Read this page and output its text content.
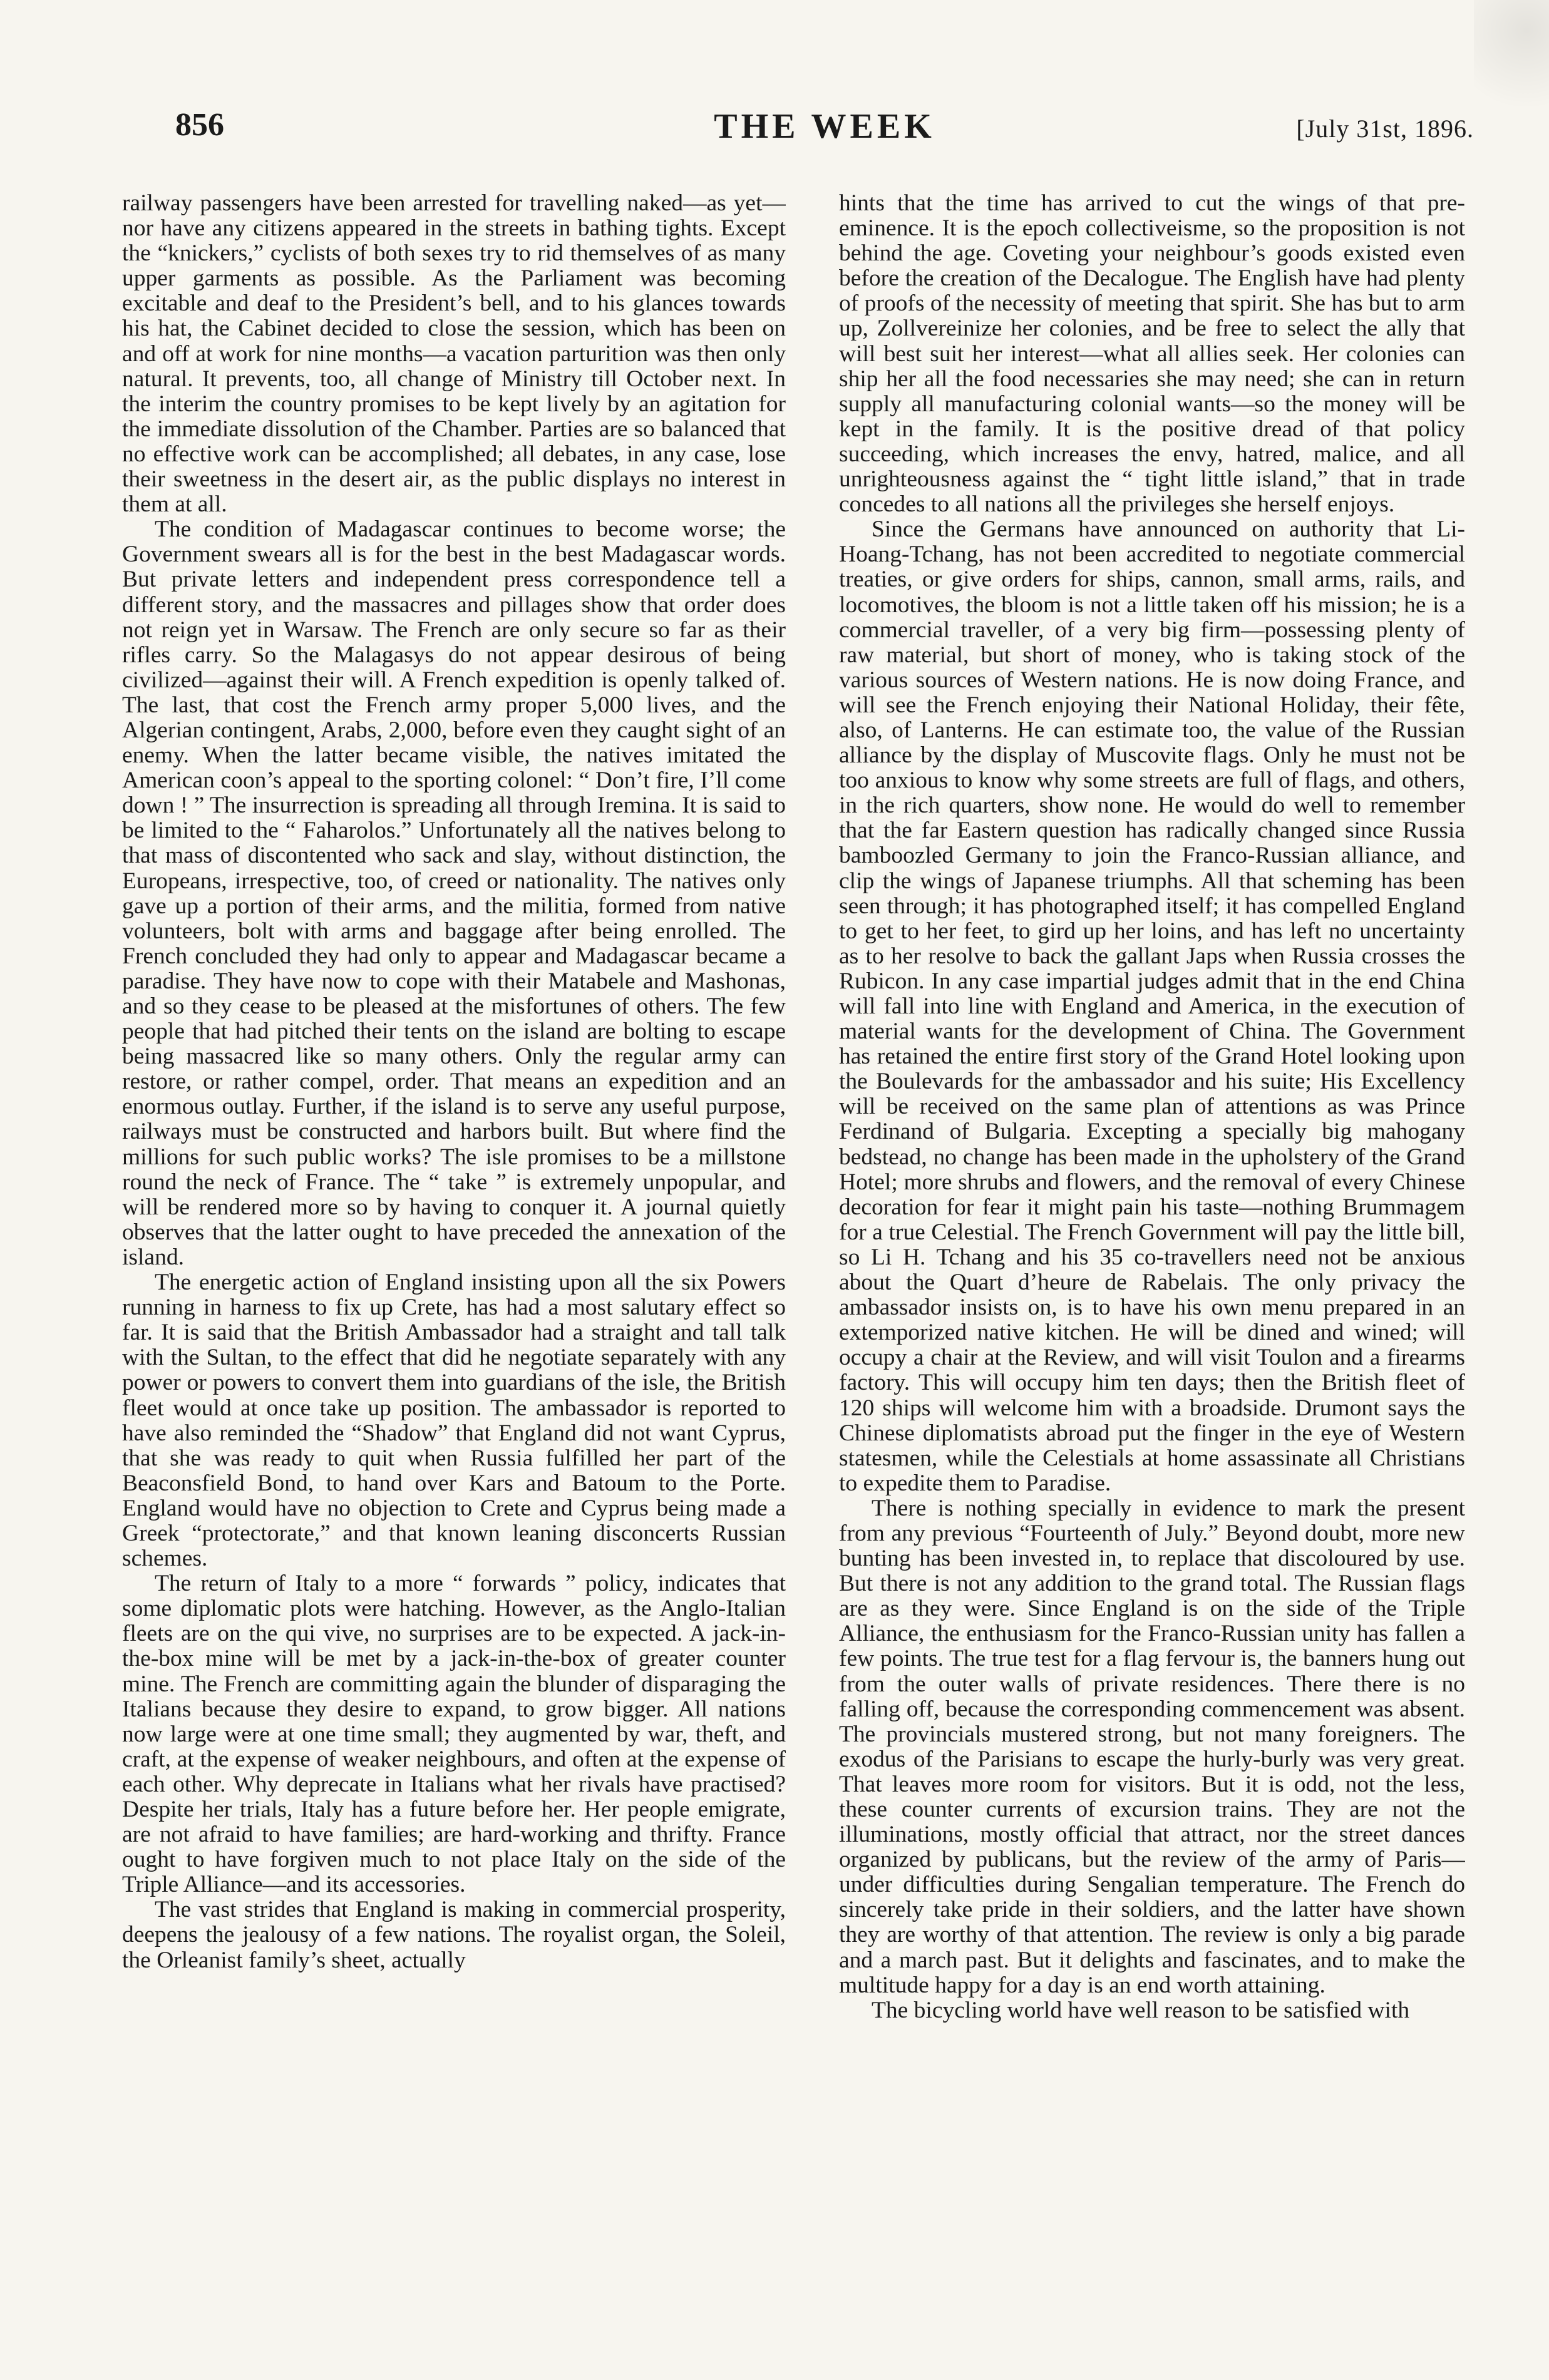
856	THE WEEK	[July 31st, 1896.

railway passengers have been arrested for travelling naked—as yet—nor have any citizens appeared in the streets in bathing tights. Except the “knickers,” cyclists of both sexes try to rid themselves of as many upper garments as possible. As the Parliament was becoming excitable and deaf to the President’s bell, and to his glances towards his hat, the Cabinet decided to close the session, which has been on and off at work for nine months—a vacation parturition was then only natural. It prevents, too, all change of Ministry till October next. In the interim the country promises to be kept lively by an agitation for the immediate dissolution of the Chamber. Parties are so balanced that no effective work can be accomplished; all debates, in any case, lose their sweetness in the desert air, as the public displays no interest in them at all.

The condition of Madagascar continues to become worse; the Government swears all is for the best in the best Madagascar words. But private letters and independent press correspondence tell a different story, and the massacres and pillages show that order does not reign yet in Warsaw. The French are only secure so far as their rifles carry. So the Malagasys do not appear desirous of being civilized—against their will. A French expedition is openly talked of. The last, that cost the French army proper 5,000 lives, and the Algerian contingent, Arabs, 2,000, before even they caught sight of an enemy. When the latter became visible, the natives imitated the American coon’s appeal to the sporting colonel: “ Don’t fire, I’ll come down ! ” The insurrection is spreading all through Iremina. It is said to be limited to the “ Faharolos.” Unfortunately all the natives belong to that mass of discontented who sack and slay, without distinction, the Europeans, irrespective, too, of creed or nationality. The natives only gave up a portion of their arms, and the militia, formed from native volunteers, bolt with arms and baggage after being enrolled. The French concluded they had only to appear and Madagascar became a paradise. They have now to cope with their Matabele and Mashonas, and so they cease to be pleased at the misfortunes of others. The few people that had pitched their tents on the island are bolting to escape being massacred like so many others. Only the regular army can restore, or rather compel, order. That means an expedition and an enormous outlay. Further, if the island is to serve any useful purpose, railways must be constructed and harbors built. But where find the millions for such public works? The isle promises to be a millstone round the neck of France. The “ take ” is extremely unpopular, and will be rendered more so by having to conquer it. A journal quietly observes that the latter ought to have preceded the annexation of the island.

The energetic action of England insisting upon all the six Powers running in harness to fix up Crete, has had a most salutary effect so far. It is said that the British Ambassador had a straight and tall talk with the Sultan, to the effect that did he negotiate separately with any power or powers to convert them into guardians of the isle, the British fleet would at once take up position. The ambassador is reported to have also reminded the “Shadow” that England did not want Cyprus, that she was ready to quit when Russia fulfilled her part of the Beaconsfield Bond, to hand over Kars and Batoum to the Porte. England would have no objection to Crete and Cyprus being made a Greek “protectorate,” and that known leaning disconcerts Russian schemes.

The return of Italy to a more “ forwards ” policy, indicates that some diplomatic plots were hatching. However, as the Anglo-Italian fleets are on the qui vive, no surprises are to be expected. A jack-in-the-box mine will be met by a jack-in-the-box of greater counter mine. The French are committing again the blunder of disparaging the Italians because they desire to expand, to grow bigger. All nations now large were at one time small; they augmented by war, theft, and craft, at the expense of weaker neighbours, and often at the expense of each other. Why deprecate in Italians what her rivals have practised? Despite her trials, Italy has a future before her. Her people emigrate, are not afraid to have families; are hard-working and thrifty. France ought to have forgiven much to not place Italy on the side of the Triple Alliance—and its accessories.

The vast strides that England is making in commercial prosperity, deepens the jealousy of a few nations. The royalist organ, the Soleil, the Orleanist family’s sheet, actually

hints that the time has arrived to cut the wings of that pre-eminence. It is the epoch collectiveisme, so the proposition is not behind the age. Coveting your neighbour’s goods existed even before the creation of the Decalogue. The English have had plenty of proofs of the necessity of meeting that spirit. She has but to arm up, Zollvereinize her colonies, and be free to select the ally that will best suit her interest—what all allies seek. Her colonies can ship her all the food necessaries she may need; she can in return supply all manufacturing colonial wants—so the money will be kept in the family. It is the positive dread of that policy succeeding, which increases the envy, hatred, malice, and all unrighteousness against the “ tight little island,” that in trade concedes to all nations all the privileges she herself enjoys.

Since the Germans have announced on authority that Li-Hoang-Tchang, has not been accredited to negotiate commercial treaties, or give orders for ships, cannon, small arms, rails, and locomotives, the bloom is not a little taken off his mission; he is a commercial traveller, of a very big firm—possessing plenty of raw material, but short of money, who is taking stock of the various sources of Western nations. He is now doing France, and will see the French enjoying their National Holiday, their fête, also, of Lanterns. He can estimate too, the value of the Russian alliance by the display of Muscovite flags. Only he must not be too anxious to know why some streets are full of flags, and others, in the rich quarters, show none. He would do well to remember that the far Eastern question has radically changed since Russia bamboozled Germany to join the Franco-Russian alliance, and clip the wings of Japanese triumphs. All that scheming has been seen through; it has photographed itself; it has compelled England to get to her feet, to gird up her loins, and has left no uncertainty as to her resolve to back the gallant Japs when Russia crosses the Rubicon. In any case impartial judges admit that in the end China will fall into line with England and America, in the execution of material wants for the development of China. The Government has retained the entire first story of the Grand Hotel looking upon the Boulevards for the ambassador and his suite; His Excellency will be received on the same plan of attentions as was Prince Ferdinand of Bulgaria. Excepting a specially big mahogany bedstead, no change has been made in the upholstery of the Grand Hotel; more shrubs and flowers, and the removal of every Chinese decoration for fear it might pain his taste—nothing Brummagem for a true Celestial. The French Government will pay the little bill, so Li H. Tchang and his 35 co-travellers need not be anxious about the Quart d’heure de Rabelais. The only privacy the ambassador insists on, is to have his own menu prepared in an extemporized native kitchen. He will be dined and wined; will occupy a chair at the Review, and will visit Toulon and a firearms factory. This will occupy him ten days; then the British fleet of 120 ships will welcome him with a broadside. Drumont says the Chinese diplomatists abroad put the finger in the eye of Western statesmen, while the Celestials at home assassinate all Christians to expedite them to Paradise.

There is nothing specially in evidence to mark the present from any previous “Fourteenth of July.” Beyond doubt, more new bunting has been invested in, to replace that discoloured by use. But there is not any addition to the grand total. The Russian flags are as they were. Since England is on the side of the Triple Alliance, the enthusiasm for the Franco-Russian unity has fallen a few points. The true test for a flag fervour is, the banners hung out from the outer walls of private residences. There there is no falling off, because the corresponding commencement was absent. The provincials mustered strong, but not many foreigners. The exodus of the Parisians to escape the hurly-burly was very great. That leaves more room for visitors. But it is odd, not the less, these counter currents of excursion trains. They are not the illuminations, mostly official that attract, nor the street dances organized by publicans, but the review of the army of Paris—under difficulties during Sengalian temperature. The French do sincerely take pride in their soldiers, and the latter have shown they are worthy of that attention. The review is only a big parade and a march past. But it delights and fascinates, and to make the multitude happy for a day is an end worth attaining.

The bicycling world have well reason to be satisfied with
